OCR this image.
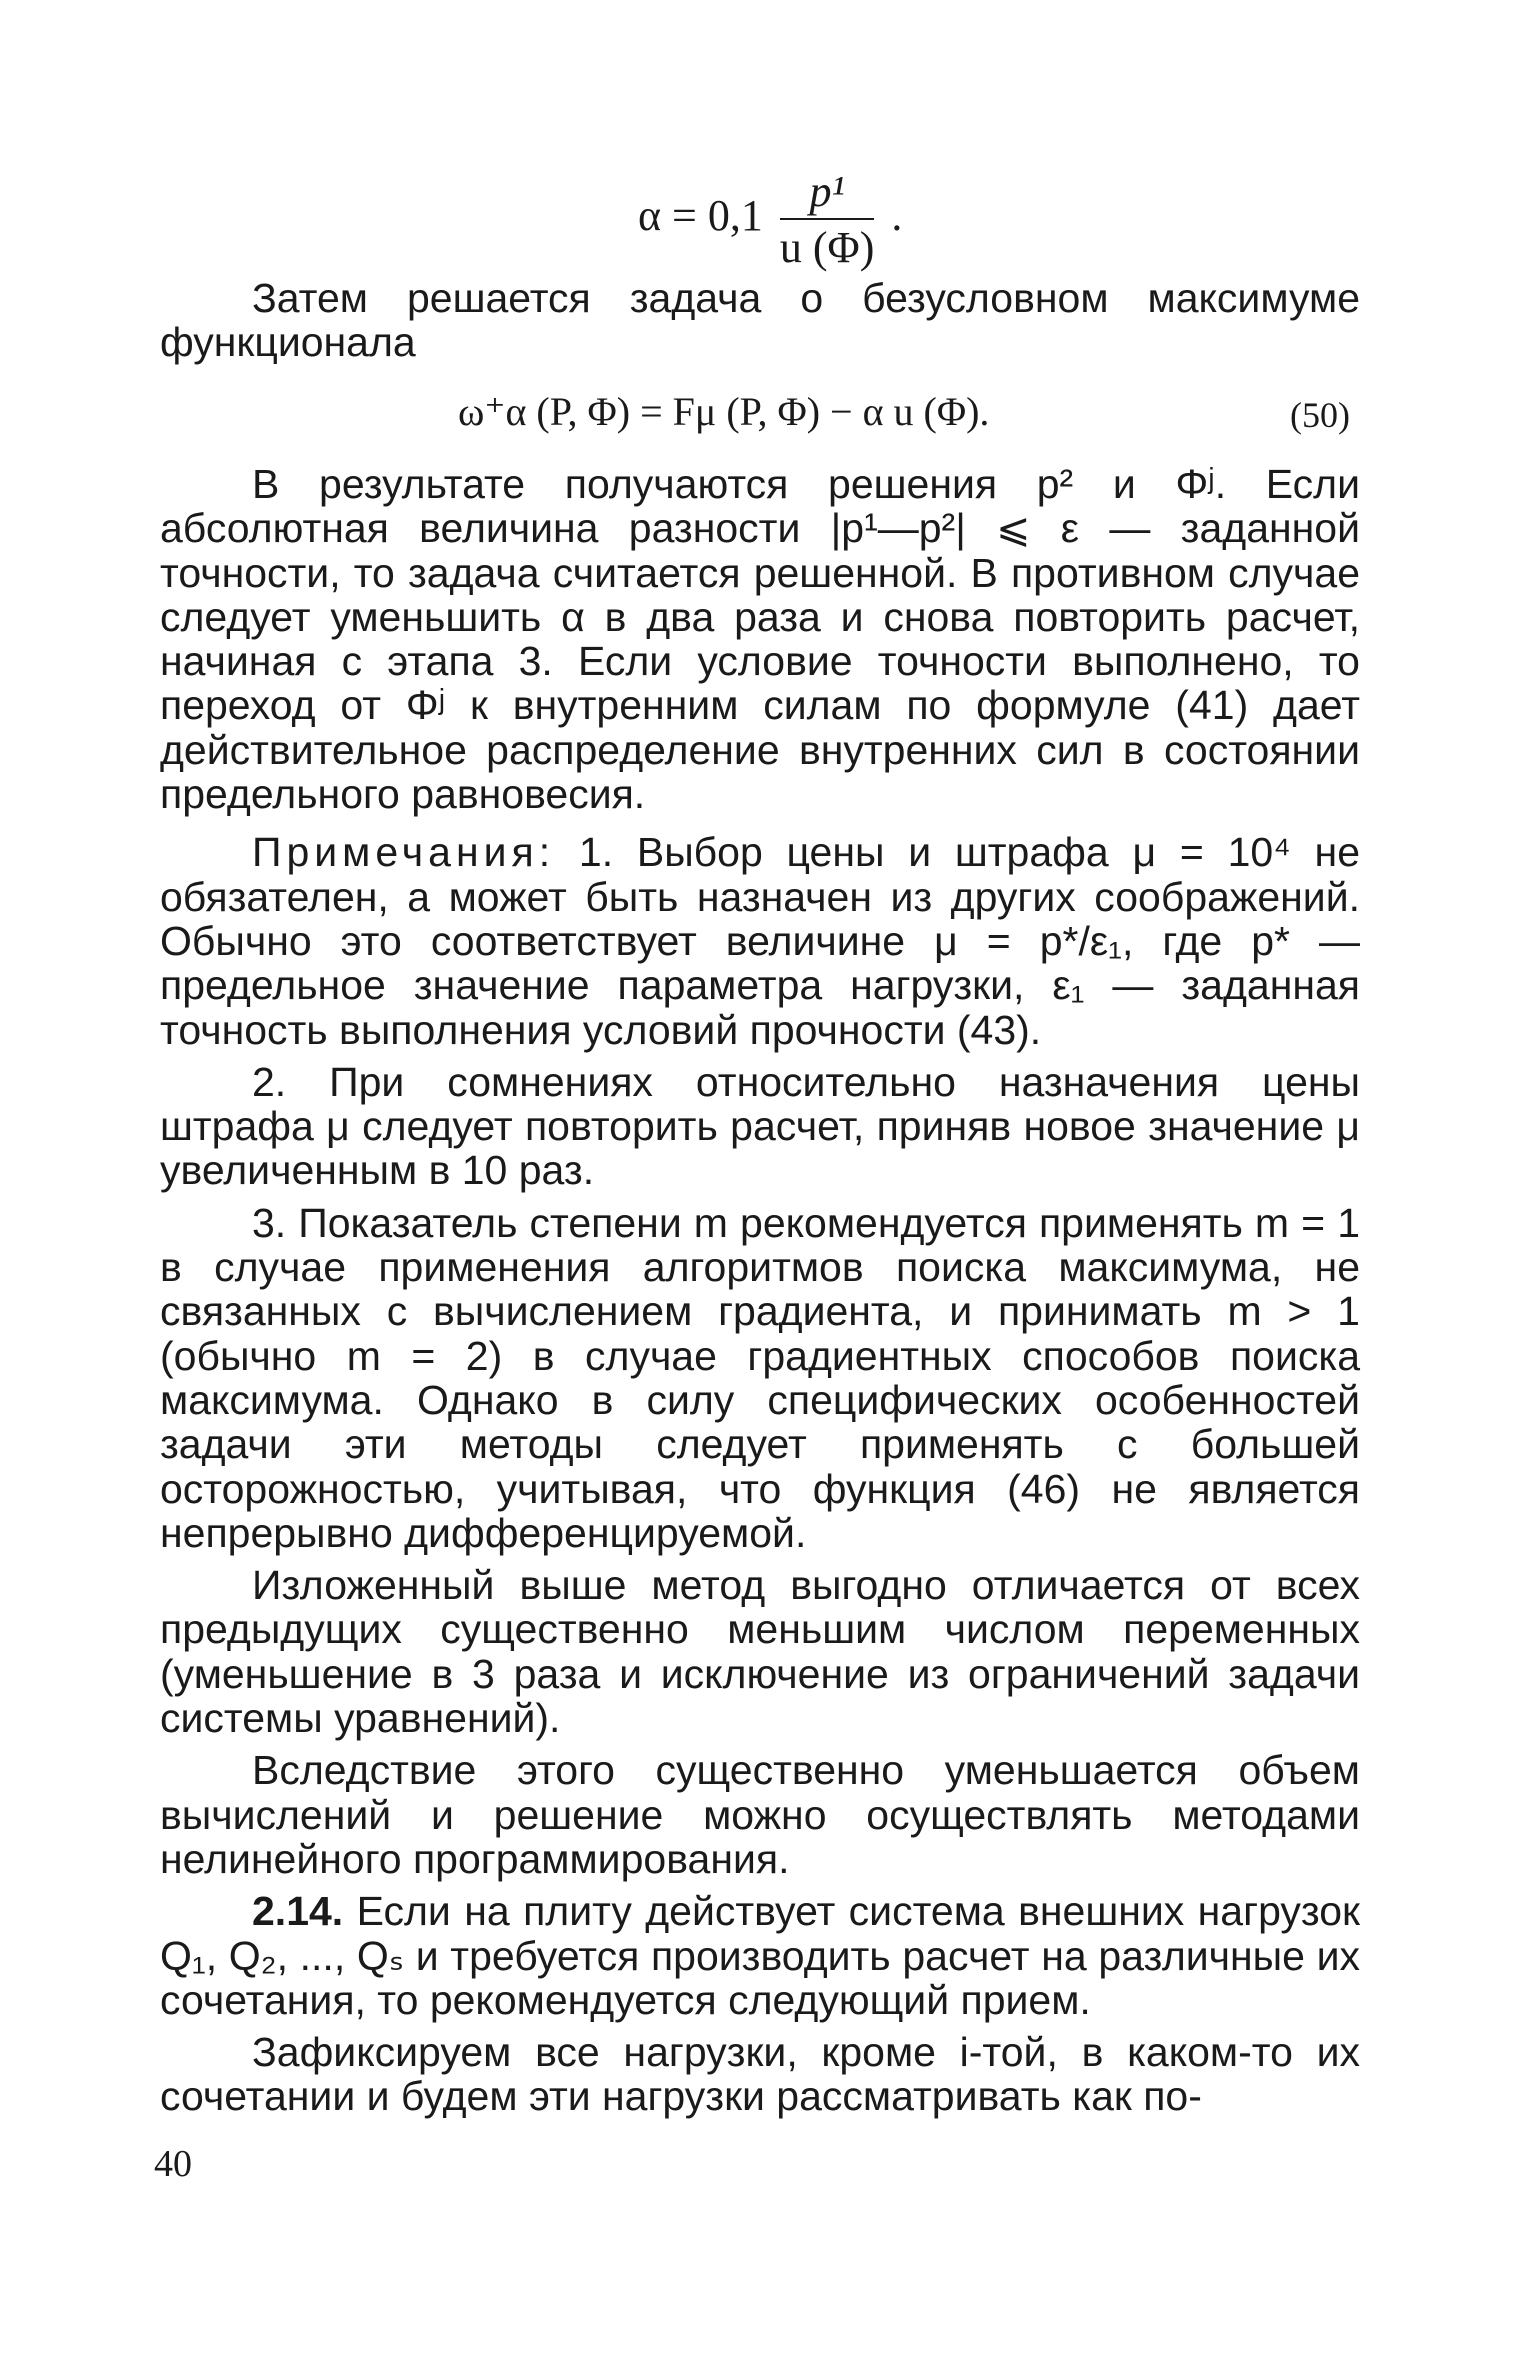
$\alpha = 0,1 \frac{\text{p¹}}{u (\Phi)}$ .

Затем решается задача о безусловном максимуме функционала

ω⁺α (P, Φ) = Fμ (P, Φ) − α u (Φ).	(50)

В результате получаются решения p² и Φʲ. Если абсолютная величина разности |p¹—p²| ⩽ ε — заданной точности, то задача считается решенной. В противном случае следует уменьшить α в два раза и снова повторить расчет, начиная с этапа 3. Если условие точности выполнено, то переход от Φʲ к внутренним силам по формуле (41) дает действительное распределение внутренних сил в состоянии предельного равновесия.

Примечания: 1. Выбор цены и штрафа μ = 10⁴ не обязателен, а может быть назначен из других соображений. Обычно это соответствует величине μ = p*/ε₁, где p* — предельное значение параметра нагрузки, ε₁ — заданная точность выполнения условий прочности (43).

2. При сомнениях относительно назначения цены штрафа μ следует повторить расчет, приняв новое значение μ увеличенным в 10 раз.

3. Показатель степени m рекомендуется применять m = 1 в случае применения алгоритмов поиска максимума, не связанных с вычислением градиента, и принимать m > 1 (обычно m = 2) в случае градиентных способов поиска максимума. Однако в силу специфических особенностей задачи эти методы следует применять с большей осторожностью, учитывая, что функция (46) не является непрерывно дифференцируемой.

Изложенный выше метод выгодно отличается от всех предыдущих существенно меньшим числом переменных (уменьшение в 3 раза и исключение из ограничений задачи системы уравнений).

Вследствие этого существенно уменьшается объем вычислений и решение можно осуществлять методами нелинейного программирования.

2.14. Если на плиту действует система внешних нагрузок Q₁, Q₂, ..., Qₛ и требуется производить расчет на различные их сочетания, то рекомендуется следующий прием.

Зафиксируем все нагрузки, кроме i-той, в каком-то их сочетании и будем эти нагрузки рассматривать как по-

40
